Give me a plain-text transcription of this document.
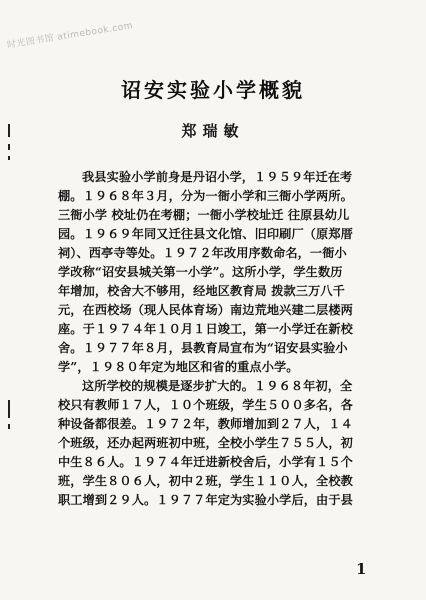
时光图书馆 atimebook.com
诏安实验小学概貌
郑瑞敏
我县实验小学前身是丹诏小学，１９５９年迁在考
棚。１９６８年３月，分为一衙小学和三衙小学两所。
三衙小学 校址仍在考棚；一衙小学校址迁 往原县幼儿
园。１９６９年同又迁往县文化馆、旧印刷厂（原郑厝
祠）、西亭寺等处。１９７２年改用序数命名，一衙小
学改称“诏安县城关第一小学”。这所小学，学生数历
年增加，校舍大不够用，经地区教育局 拨款三万八千
元，在西校场（现人民体育场）南边荒地兴建二层楼两
座。于１９７４年１０月１日竣工，第一小学迁在新校
舍。１９７７年８月，县教育局宣布为“诏安县实验小
学”，１９８０年定为地区和省的重点小学。
这所学校的规模是逐步扩大的。１９６８年初，全
校只有教师１７人，１０个班级，学生５００多名，各
种设备都很差。１９７２年，教师增加到２７人，１４
个班级，还办起两班初中班，全校小学生７５５人，初
中生８６人。１９７４年迁进新校舍后，小学有１５个
班，学生８０６人，初中２班，学生１１０人，全校教
职工增到２９人。１９７７年定为实验小学后，由于县
1
